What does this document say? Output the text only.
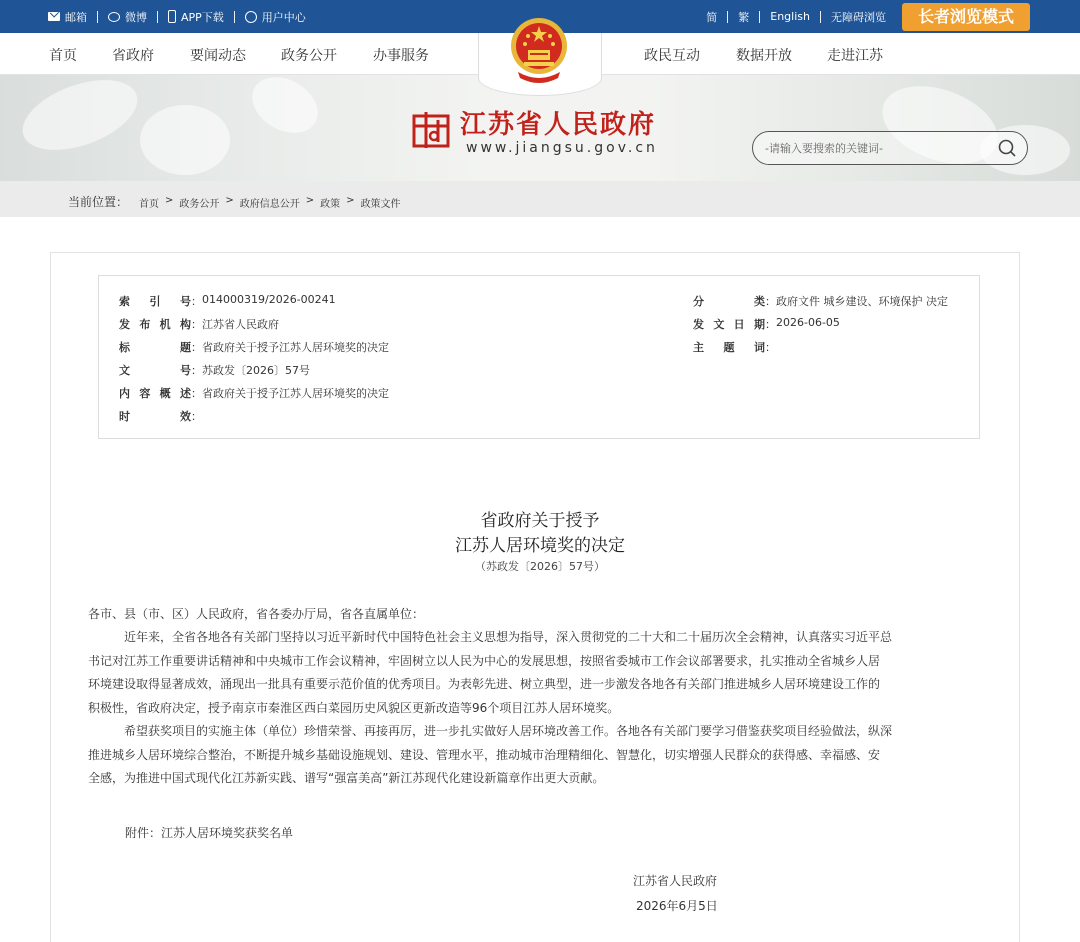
邮箱	微博	APP下载	用户中心	简 繁 English 无障碍浏览	长者浏览模式
首页	省政府	要闻动态	政务公开	办事服务	政民互动	数据开放	走进江苏
江苏省人民政府
www.jiangsu.gov.cn
-请输入要搜索的关键词-
当前位置： 首页 > 政务公开 > 政府信息公开 > 政策 > 政策文件
索 引 号 ： 014000319/2026-00241
发 布 机 构 ： 江苏省人民政府
标	题 ： 省政府关于授予江苏人居环境奖的决定
文	号 ： 苏政发〔2026〕57号
内 容 概 述 ： 省政府关于授予江苏人居环境奖的决定
时	效 ：
分	类 ： 政府文件 城乡建设、环境保护 决定
发 文 日 期 ： 2026-06-05
主 题 词 ：
省政府关于授予
江苏人居环境奖的决定
（苏政发〔2026〕57号）
各市、县（市、区）人民政府，省各委办厅局，省各直属单位：
近年来，全省各地各有关部门坚持以习近平新时代中国特色社会主义思想为指导，深入贯彻党的二十大和二十届历次全会精神，认真落实习近平总
书记对江苏工作重要讲话精神和中央城市工作会议精神，牢固树立以人民为中心的发展思想，按照省委城市工作会议部署要求，扎实推动全省城乡人居
环境建设取得显著成效，涌现出一批具有重要示范价值的优秀项目。为表彰先进、树立典型，进一步激发各地各有关部门推进城乡人居环境建设工作的
积极性，省政府决定，授予南京市秦淮区西白菜园历史风貌区更新改造等96个项目江苏人居环境奖。
希望获奖项目的实施主体（单位）珍惜荣誉、再接再厉，进一步扎实做好人居环境改善工作。各地各有关部门要学习借鉴获奖项目经验做法，纵深
推进城乡人居环境综合整治，不断提升城乡基础设施规划、建设、管理水平，推动城市治理精细化、智慧化，切实增强人民群众的获得感、幸福感、安
全感，为推进中国式现代化江苏新实践、谱写“强富美高”新江苏现代化建设新篇章作出更大贡献。
附件：江苏人居环境奖获奖名单
江苏省人民政府
2026年6月5日
